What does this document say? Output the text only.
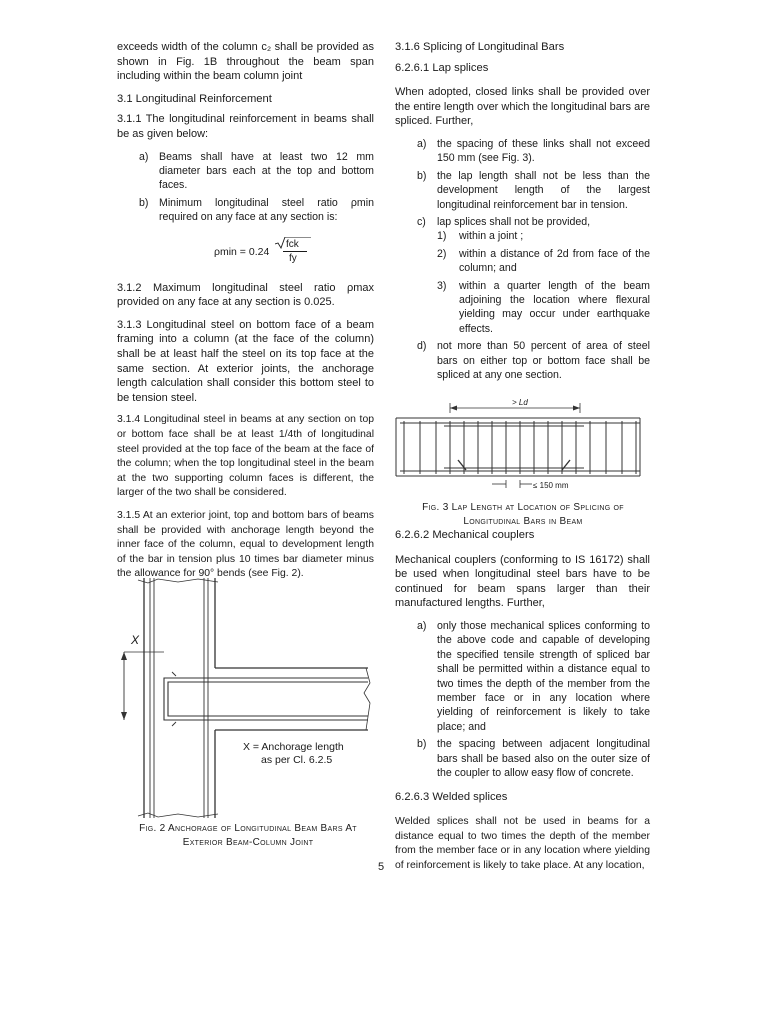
exceeds width of the column c₂ shall be provided as shown in Fig. 1B throughout the beam span including within the beam column joint

3.1 Longitudinal Reinforcement

3.1.1 The longitudinal reinforcement in beams shall be as given below:

a) Beams shall have at least two 12 mm diameter bars each at the top and bottom faces.
b) Minimum longitudinal steel ratio ρmin required on any face at any section is:
ρmin = 0.24
fck
fy

3.1.2 Maximum longitudinal steel ratio ρmax provided on any face at any section is 0.025.

3.1.3 Longitudinal steel on bottom face of a beam framing into a column (at the face of the column) shall be at least half the steel on its top face at the same section. At exterior joints, the anchorage length calculation shall consider this bottom steel to be tension steel.

3.1.4 Longitudinal steel in beams at any section on top or bottom face shall be at least 1/4th of longitudinal steel provided at the top face of the beam at the face of the column; when the top longitudinal steel in the beam at the two supporting column faces is different, the larger of the two shall be considered.

3.1.5 At an exterior joint, top and bottom bars of beams shall be provided with anchorage length beyond the inner face of the column, equal to development length of the bar in tension plus 10 times bar diameter minus the allowance for 90° bends (see Fig. 2).

X
X = Anchorage length
as per Cl. 6.2.5

Fig. 2 Anchorage of Longitudinal Beam Bars At

Exterior Beam-Column Joint

3.1.6 Splicing of Longitudinal Bars
6.2.6.1 Lap splices

When adopted, closed links shall be provided over the entire length over which the longitudinal bars are spliced. Further,

a) the spacing of these links shall not exceed 150 mm (see Fig. 3).
b) the lap length shall not be less than the development length of the largest longitudinal reinforcement bar in tension.
c) lap splices shall not be provided,
1) within a joint ;
2) within a distance of 2d from face of the column; and
3) within a quarter length of the beam adjoining the location where flexural yielding may occur under earthquake effects.
d) not more than 50 percent of area of steel bars on either top or bottom face shall be spliced at any one section.
> Ld
≤ 150 mm

Fig. 3 Lap Length at Location of Splicing of

Longitudinal Bars in Beam

6.2.6.2 Mechanical couplers

Mechanical couplers (conforming to IS 16172) shall be used when longitudinal steel bars have to be continued for beam spans larger than their manufactured lengths. Further,

a) only those mechanical splices conforming to the above code and capable of developing the specified tensile strength of spliced bar shall be permitted within a distance equal to two times the depth of the member from the member face or in any location where yielding of reinforcement is likely to take place; and
b) the spacing between adjacent longitudinal bars shall be based also on the outer size of the coupler to allow easy flow of concrete.
6.2.6.3 Welded splices

Welded splices shall not be used in beams for a distance equal to two times the depth of the member from the member face or in any location where yielding of reinforcement is likely to take place. At any location,

5
